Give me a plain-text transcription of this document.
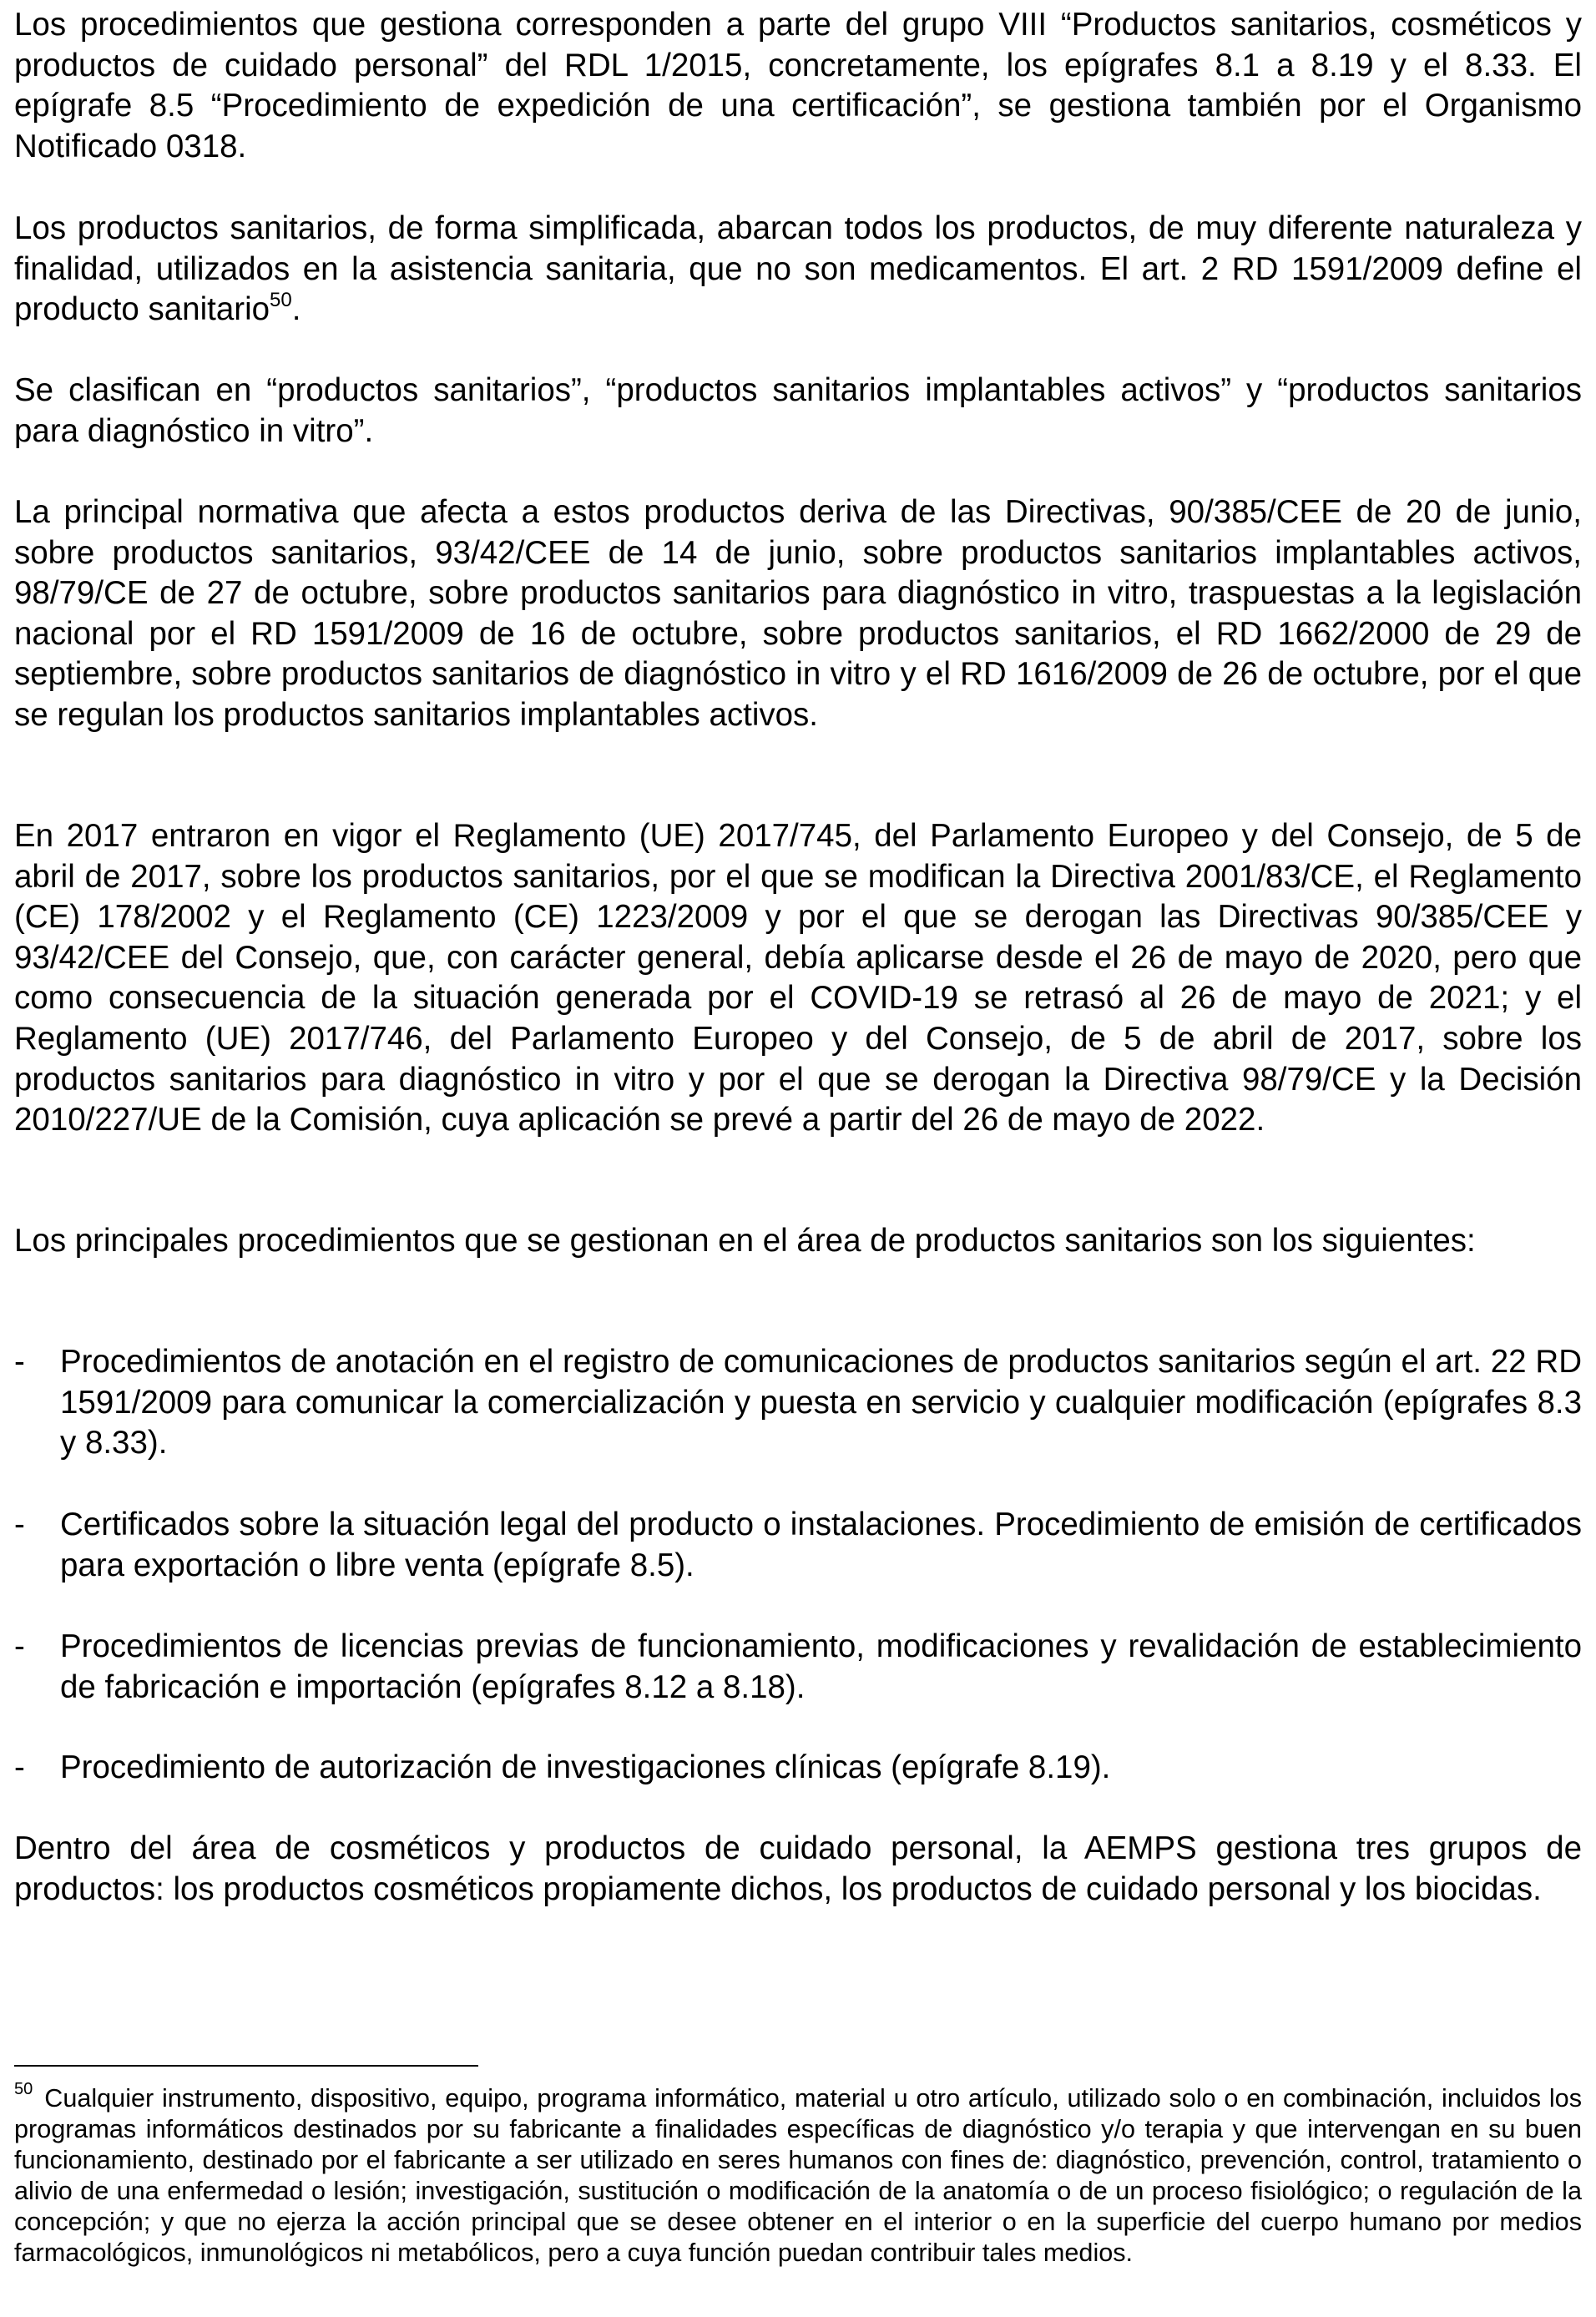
Los procedimientos que gestiona corresponden a parte del grupo VIII “Productos sanitarios, cosméticos y productos de cuidado personal” del RDL 1/2015, concretamente, los epígrafes 8.1 a 8.19 y el 8.33. El epígrafe 8.5 “Procedimiento de expedición de una certificación”, se gestiona también por el Organismo Notificado 0318.

Los productos sanitarios, de forma simplificada, abarcan todos los productos, de muy diferente naturaleza y finalidad, utilizados en la asistencia sanitaria, que no son medicamentos. El art. 2 RD 1591/2009 define el producto sanitario$^{50}$.

Se clasifican en “productos sanitarios”, “productos sanitarios implantables activos” y “productos sanitarios para diagnóstico in vitro”.

La principal normativa que afecta a estos productos deriva de las Directivas, 90/385/CEE de 20 de junio, sobre productos sanitarios, 93/42/CEE de 14 de junio, sobre productos sanitarios implantables activos, 98/79/CE de 27 de octubre, sobre productos sanitarios para diagnóstico in vitro, traspuestas a la legislación nacional por el RD 1591/2009 de 16 de octubre, sobre productos sanitarios, el RD 1662/2000 de 29 de septiembre, sobre productos sanitarios de diagnóstico in vitro y el RD 1616/2009 de 26 de octubre, por el que se regulan los productos sanitarios implantables activos.

En 2017 entraron en vigor el Reglamento (UE) 2017/745, del Parlamento Europeo y del Consejo, de 5 de abril de 2017, sobre los productos sanitarios, por el que se modifican la Directiva 2001/83/CE, el Reglamento (CE) 178/2002 y el Reglamento (CE) 1223/2009 y por el que se derogan las Directivas 90/385/CEE y 93/42/CEE del Consejo, que, con carácter general, debía aplicarse desde el 26 de mayo de 2020, pero que como consecuencia de la situación generada por el COVID-19 se retrasó al 26 de mayo de 2021; y el Reglamento (UE) 2017/746, del Parlamento Europeo y del Consejo, de 5 de abril de 2017, sobre los productos sanitarios para diagnóstico in vitro y por el que se derogan la Directiva 98/79/CE y la Decisión 2010/227/UE de la Comisión, cuya aplicación se prevé a partir del 26 de mayo de 2022.

Los principales procedimientos que se gestionan en el área de productos sanitarios son los siguientes:

- Procedimientos de anotación en el registro de comunicaciones de productos sanitarios según el art. 22 RD 1591/2009 para comunicar la comercialización y puesta en servicio y cualquier modificación (epígrafes 8.3 y 8.33).
- Certificados sobre la situación legal del producto o instalaciones. Procedimiento de emisión de certificados para exportación o libre venta (epígrafe 8.5).
- Procedimientos de licencias previas de funcionamiento, modificaciones y revalidación de establecimiento de fabricación e importación (epígrafes 8.12 a 8.18).
- Procedimiento de autorización de investigaciones clínicas (epígrafe 8.19).

Dentro del área de cosméticos y productos de cuidado personal, la AEMPS gestiona tres grupos de productos: los productos cosméticos propiamente dichos, los productos de cuidado personal y los biocidas.

$^{50}$ Cualquier instrumento, dispositivo, equipo, programa informático, material u otro artículo, utilizado solo o en combinación, incluidos los programas informáticos destinados por su fabricante a finalidades específicas de diagnóstico y/o terapia y que intervengan en su buen funcionamiento, destinado por el fabricante a ser utilizado en seres humanos con fines de: diagnóstico, prevención, control, tratamiento o alivio de una enfermedad o lesión; investigación, sustitución o modificación de la anatomía o de un proceso fisiológico; o regulación de la concepción; y que no ejerza la acción principal que se desee obtener en el interior o en la superficie del cuerpo humano por medios farmacológicos, inmunológicos ni metabólicos, pero a cuya función puedan contribuir tales medios.
